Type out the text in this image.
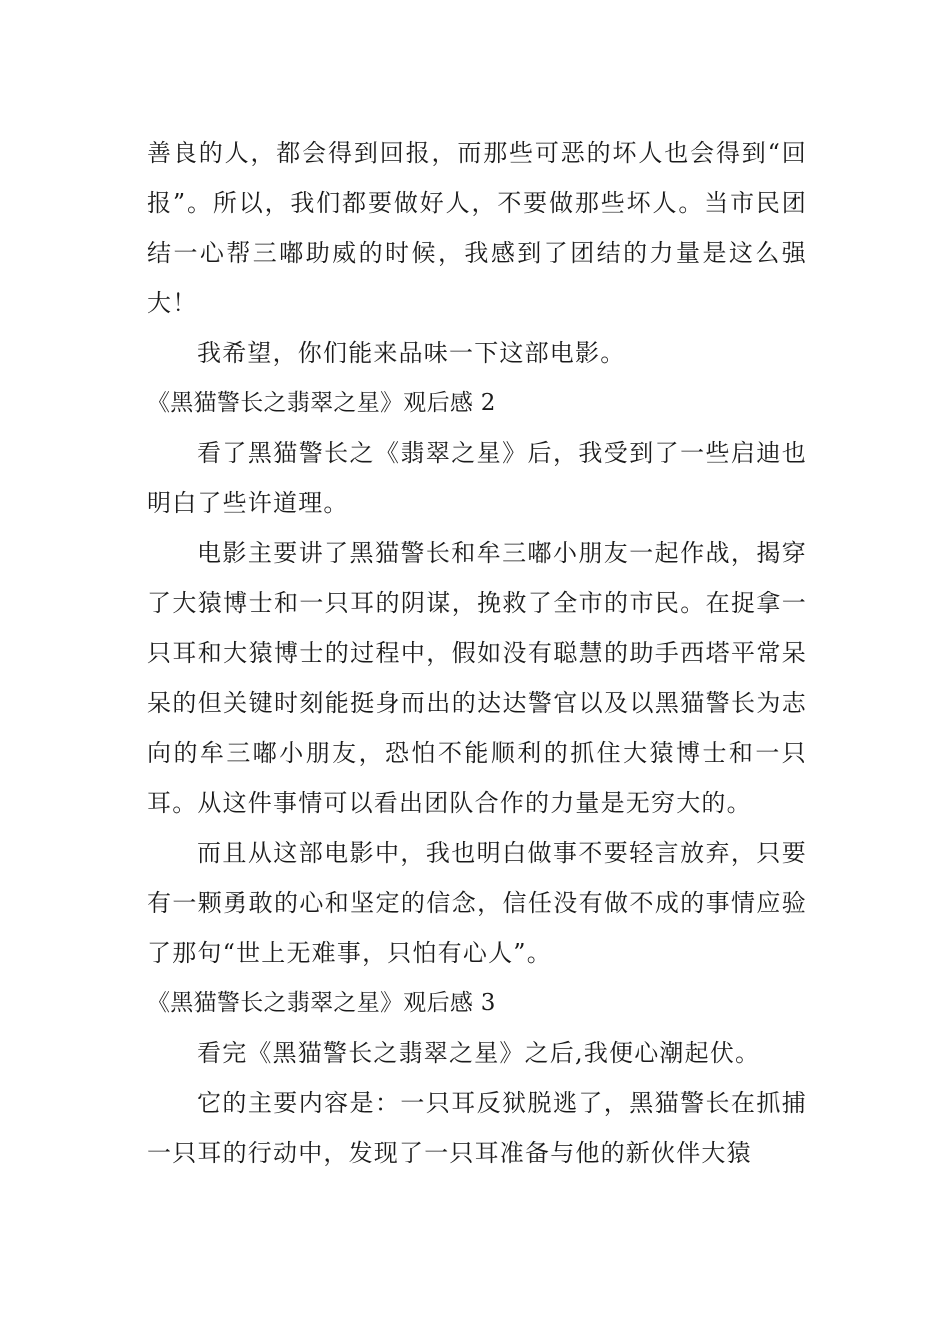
善良的人，都会得到回报，而那些可恶的坏人也会得到“回报”。所以，我们都要做好人，不要做那些坏人。当市民团结一心帮三嘟助威的时候，我感到了团结的力量是这么强大！

我希望，你们能来品味一下这部电影。

《黑猫警长之翡翠之星》观后感 2

看了黑猫警长之《翡翠之星》后，我受到了一些启迪也明白了些许道理。

电影主要讲了黑猫警长和牟三嘟小朋友一起作战，揭穿了大猿博士和一只耳的阴谋，挽救了全市的市民。在捉拿一只耳和大猿博士的过程中，假如没有聪慧的助手西塔平常呆呆的但关键时刻能挺身而出的达达警官以及以黑猫警长为志向的牟三嘟小朋友，恐怕不能顺利的抓住大猿博士和一只耳。从这件事情可以看出团队合作的力量是无穷大的。

而且从这部电影中，我也明白做事不要轻言放弃，只要有一颗勇敢的心和坚定的信念，信任没有做不成的事情应验了那句“世上无难事，只怕有心人”。

《黑猫警长之翡翠之星》观后感 3

看完《黑猫警长之翡翠之星》之后,我便心潮起伏。

它的主要内容是：一只耳反狱脱逃了，黑猫警长在抓捕一只耳的行动中，发现了一只耳准备与他的新伙伴大猿
